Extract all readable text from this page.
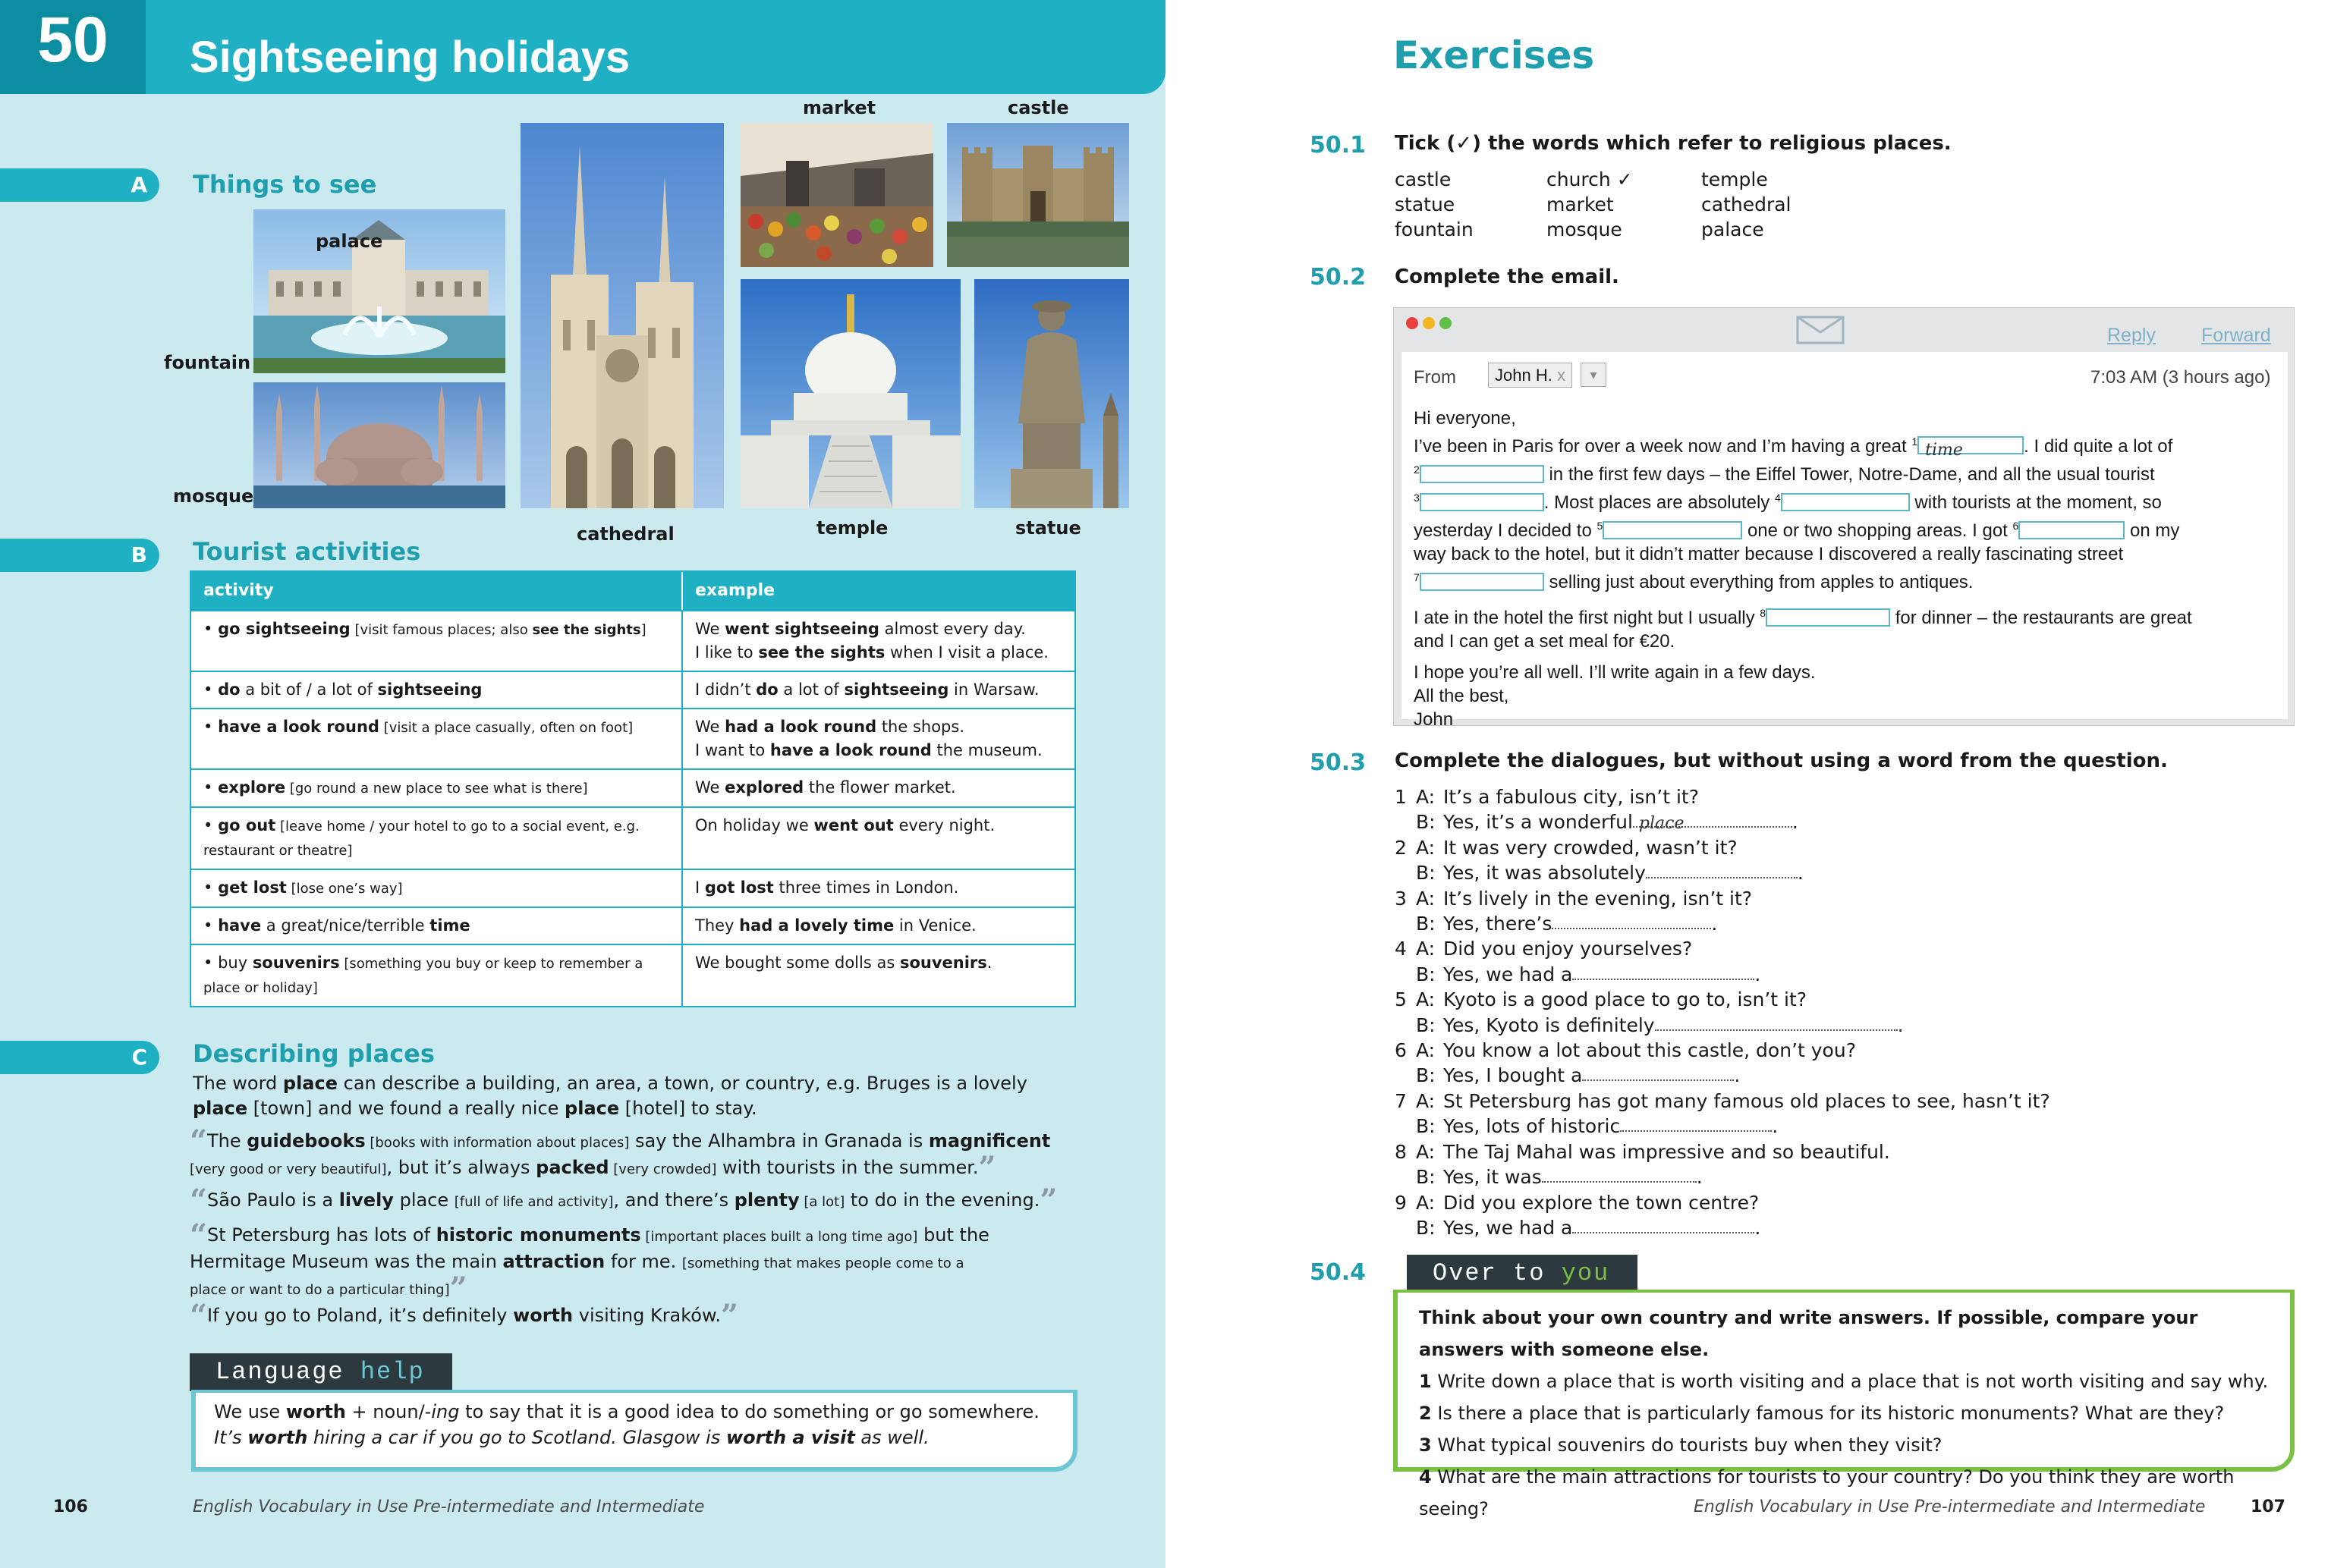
50	Sightseeing holidays
A	Things to see
palace
fountain
mosque
cathedral
market	castle
temple	statue
B	Tourist activities
activity	example
• go sightseeing [visit famous places; also see the sights]	We went sightseeing almost every day.
I like to see the sights when I visit a place.
• do a bit of / a lot of sightseeing	I didn’t do a lot of sightseeing in Warsaw.
• have a look round [visit a place casually, often on foot]	We had a look round the shops.
I want to have a look round the museum.
• explore [go round a new place to see what is there]	We explored the flower market.
• go out [leave home / your hotel to go to a social event, e.g.
restaurant or theatre]
On holiday we went out every night.
• get lost [lose one’s way]	I got lost three times in London.
• have a great/nice/terrible time	They had a lovely time in Venice.
• buy souvenirs [something you buy or keep to remember a
place or holiday]
We bought some dolls as souvenirs.
C	Describing places
The word place can describe a building, an area, a town, or country, e.g. Bruges is a lovely
place [town] and we found a really nice place [hotel] to stay.
“The guidebooks [books with information about places] say the Alhambra in Granada is magnificent
[very good or very beautiful], but it’s always packed [very crowded] with tourists in the summer.”
“São Paulo is a lively place [full of life and activity], and there’s plenty [a lot] to do in the evening.”
“St Petersburg has lots of historic monuments [important places built a long time ago] but the
Hermitage Museum was the main attraction for me. [something that makes people come to a
place or want to do a particular thing]”
“If you go to Poland, it’s definitely worth visiting Kraków.”
Language help
We use worth + noun/-ing to say that it is a good idea to do something or go somewhere.
It’s worth hiring a car if you go to Scotland. Glasgow is worth a visit as well.
106	English Vocabulary in Use Pre-intermediate and Intermediate
Exercises
50.1 Tick (✓) the words which refer to religious places.
castle	church ✓	temple
statue	market	cathedral
fountain	mosque	palace
50.2 Complete the email.
Reply Forward
From	John H. x	▾	7:03 AM (3 hours ago)
Hi everyone,
I’ve been in Paris for over a week now and I’m having a great $^1$ time	. I did quite a lot of
$^2$	in the first few days – the Eiffel Tower, Notre-Dame, and all the usual tourist
$^3$	. Most places are absolutely $^4$	with tourists at the moment, so
yesterday I decided to $^5$	one or two shopping areas. I got $^6$	on my
way back to the hotel, but it didn’t matter because I discovered a really fascinating street
$^7$	selling just about everything from apples to antiques.
I ate in the hotel the first night but I usually $^8$	for dinner – the restaurants are great
and I can get a set meal for €20.
I hope you’re all well. I’ll write again in a few days.
All the best,
John
50.3 Complete the dialogues, but without using a word from the question.
1 A: It’s a fabulous city, isn’t it?
B: Yes, it’s a wonderful place	.
2 A: It was very crowded, wasn’t it?
B: Yes, it was absolutely	.
3 A: It’s lively in the evening, isn’t it?
B: Yes, there’s	.
4 A: Did you enjoy yourselves?
B: Yes, we had a	.
5 A: Kyoto is a good place to go to, isn’t it?
B: Yes, Kyoto is definitely	.
6 A: You know a lot about this castle, don’t you?
B: Yes, I bought a	.
7 A: St Petersburg has got many famous old places to see, hasn’t it?
B: Yes, lots of historic	.
8 A: The Taj Mahal was impressive and so beautiful.
B: Yes, it was	.
9 A: Did you explore the town centre?
B: Yes, we had a	.
50.4	Over to you
Think about your own country and write answers. If possible, compare your answers with someone else.
1 Write down a place that is worth visiting and a place that is not worth visiting and say why.
2 Is there a place that is particularly famous for its historic monuments? What are they?
3 What typical souvenirs do tourists buy when they visit?
4 What are the main attractions for tourists to your country? Do you think they are worth seeing?	English Vocabulary in Use Pre-intermediate and Intermediate	107
